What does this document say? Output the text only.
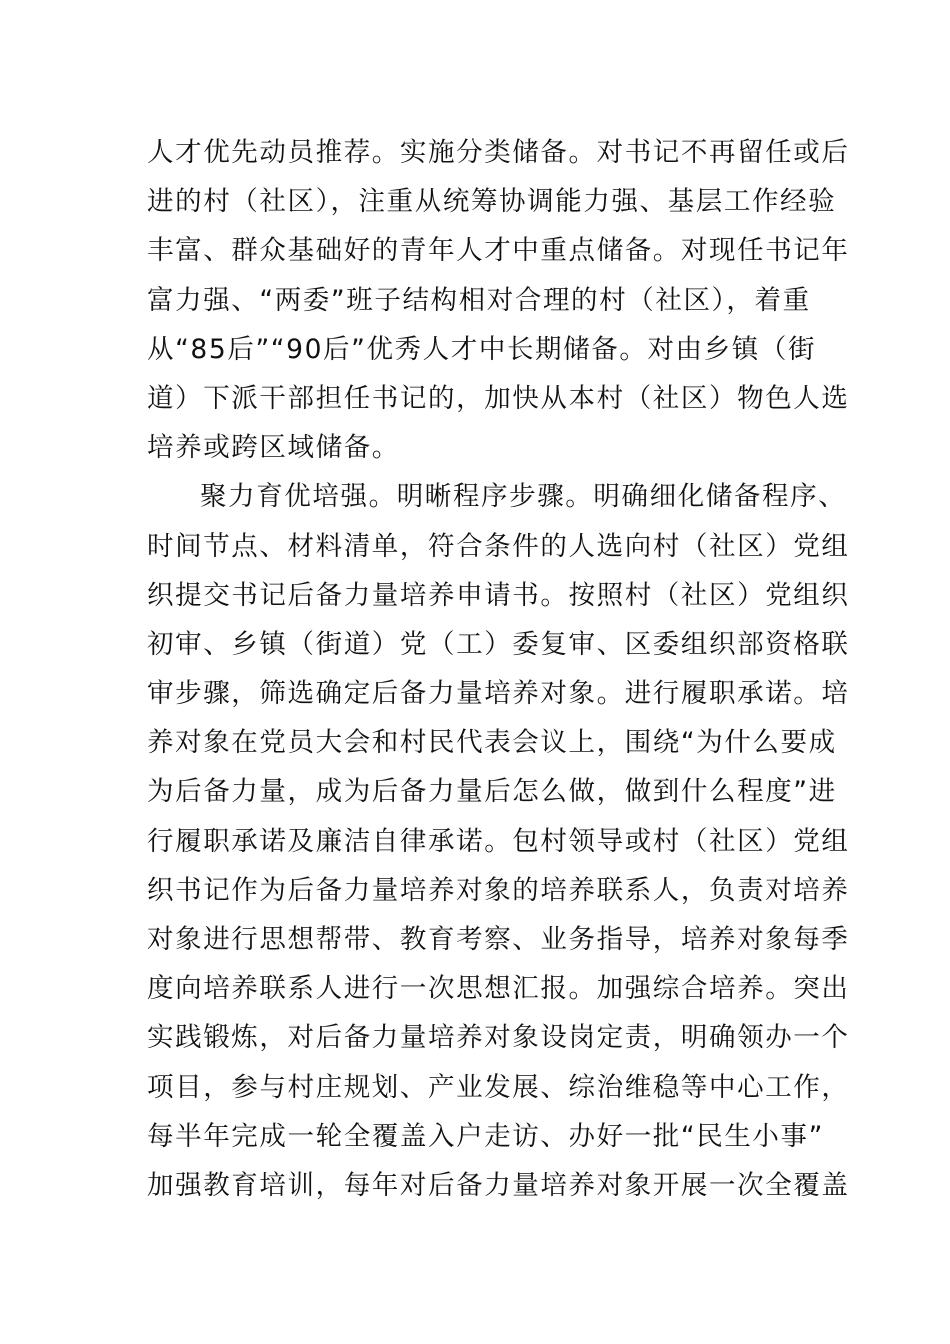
人才优先动员推荐。实施分类储备。对书记不再留任或后
进的村（社区），注重从统筹协调能力强、基层工作经验
丰富、群众基础好的青年人才中重点储备。对现任书记年
富力强、“两委”班子结构相对合理的村（社区），着重
从“85后”“90后”优秀人才中长期储备。对由乡镇（街
道）下派干部担任书记的，加快从本村（社区）物色人选
培养或跨区域储备。
聚力育优培强。明晰程序步骤。明确细化储备程序、
时间节点、材料清单，符合条件的人选向村（社区）党组
织提交书记后备力量培养申请书。按照村（社区）党组织
初审、乡镇（街道）党（工）委复审、区委组织部资格联
审步骤，筛选确定后备力量培养对象。进行履职承诺。培
养对象在党员大会和村民代表会议上，围绕“为什么要成
为后备力量，成为后备力量后怎么做，做到什么程度”进
行履职承诺及廉洁自律承诺。包村领导或村（社区）党组
织书记作为后备力量培养对象的培养联系人，负责对培养
对象进行思想帮带、教育考察、业务指导，培养对象每季
度向培养联系人进行一次思想汇报。加强综合培养。突出
实践锻炼，对后备力量培养对象设岗定责，明确领办一个
项目，参与村庄规划、产业发展、综治维稳等中心工作，
每半年完成一轮全覆盖入户走访、办好一批“民生小事”
加强教育培训，每年对后备力量培养对象开展一次全覆盖
